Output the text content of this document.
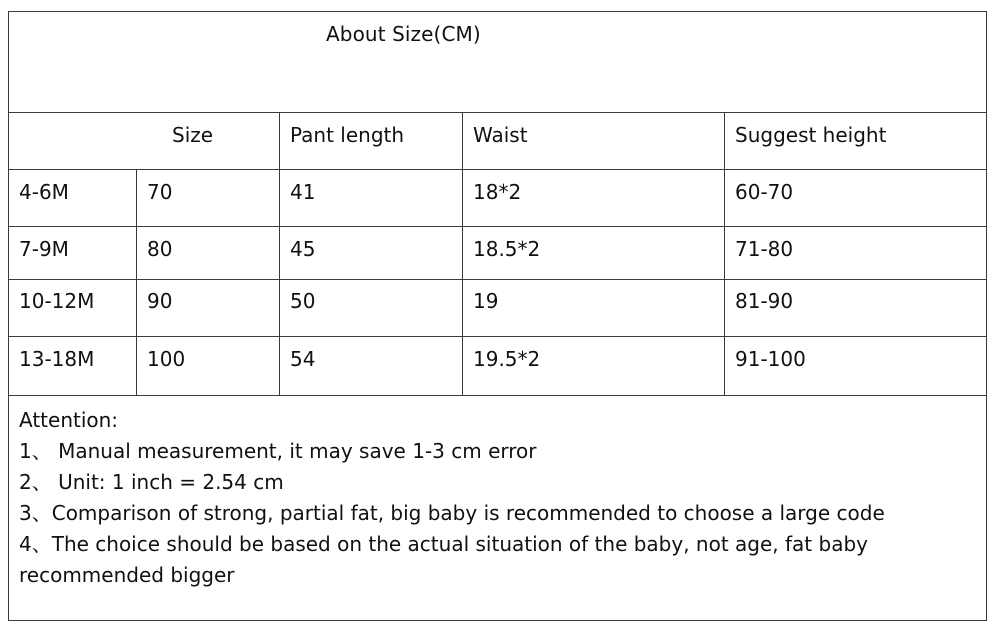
About Size(CM)
Size	Pant length	Waist	Suggest height
4-6M	70	41	18*2	60-70
7-9M	80	45	18.5*2	71-80
10-12M	90	50	19	81-90
13-18M	100	54	19.5*2	91-100
Attention:
1、 Manual measurement, it may save 1-3 cm error
2、 Unit: 1 inch = 2.54 cm
3、Comparison of strong, partial fat, big baby is recommended to choose a large code
4、The choice should be based on the actual situation of the baby, not age, fat baby
recommended bigger
